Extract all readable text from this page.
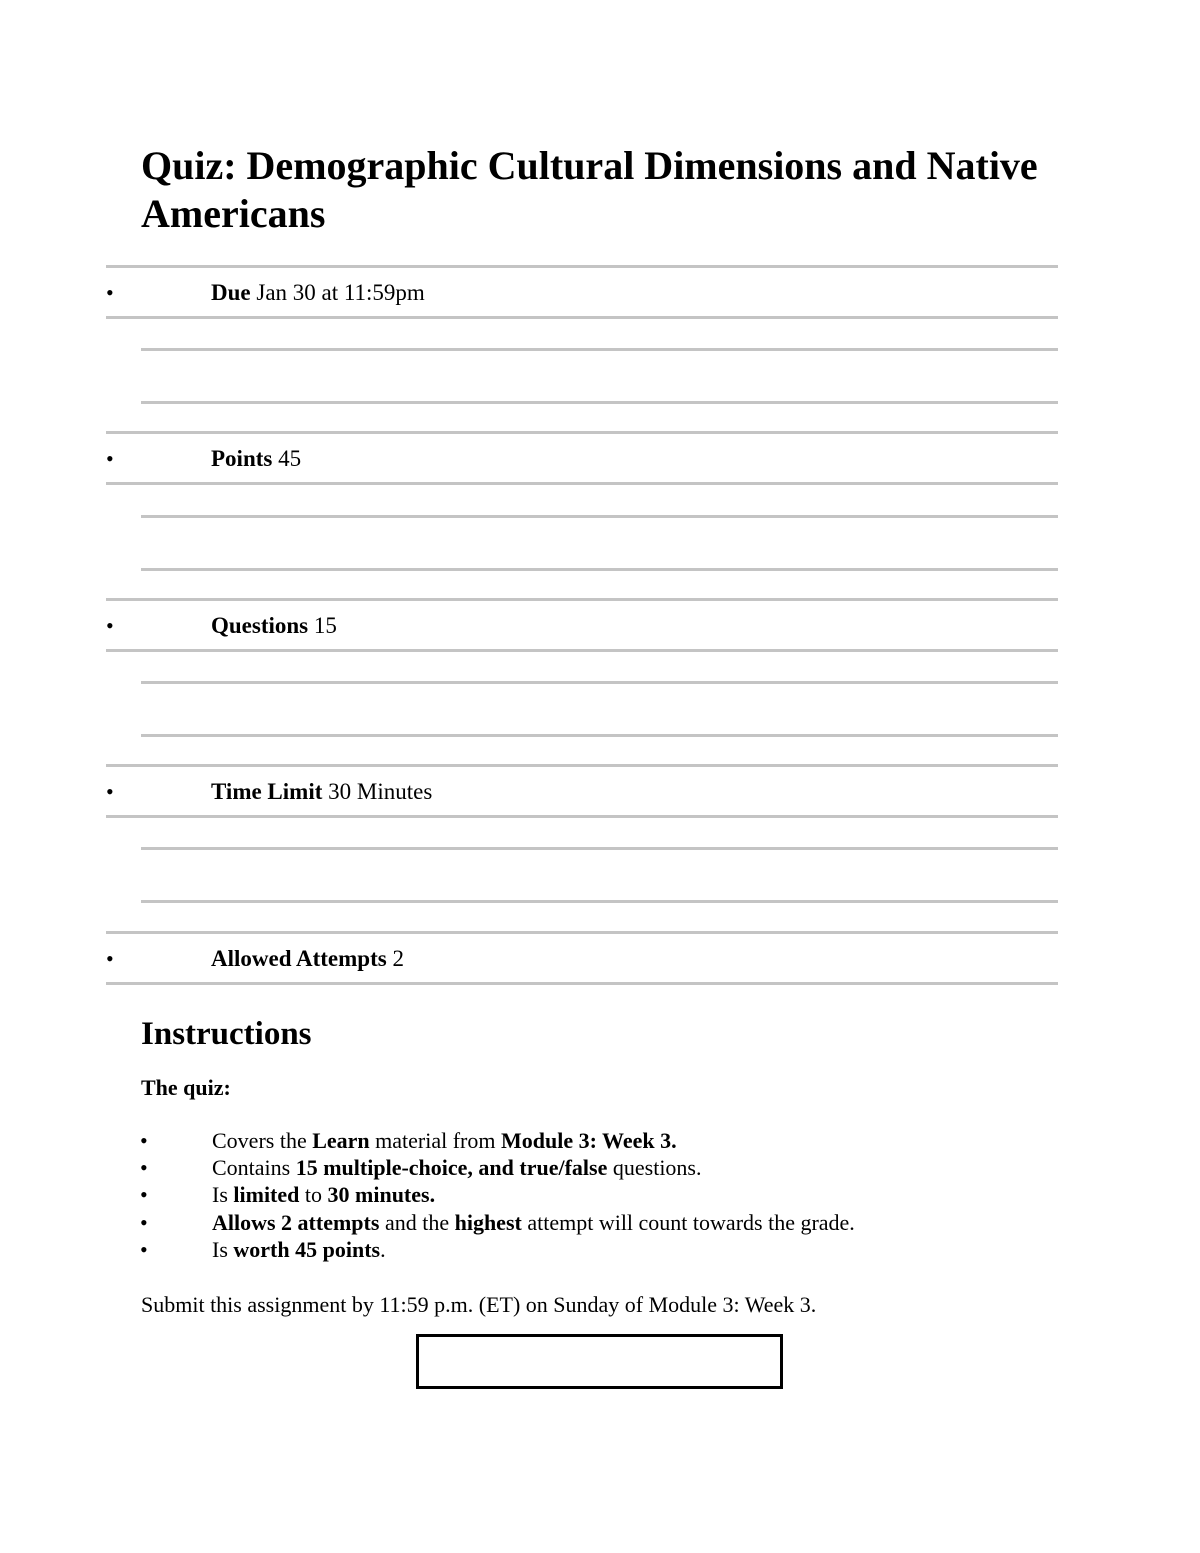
Quiz: Demographic Cultural Dimensions and Native Americans
•	Due Jan 30 at 11:59pm
•	Points 45
•	Questions 15
•	Time Limit 30 Minutes
•	Allowed Attempts 2
Instructions

The quiz:

•	Covers the Learn material from Module 3: Week 3.
•	Contains 15 multiple-choice, and true/false questions.
•	Is limited to 30 minutes.
•	Allows 2 attempts and the highest attempt will count towards the grade.
•	Is worth 45 points.

Submit this assignment by 11:59 p.m. (ET) on Sunday of Module 3: Week 3.
